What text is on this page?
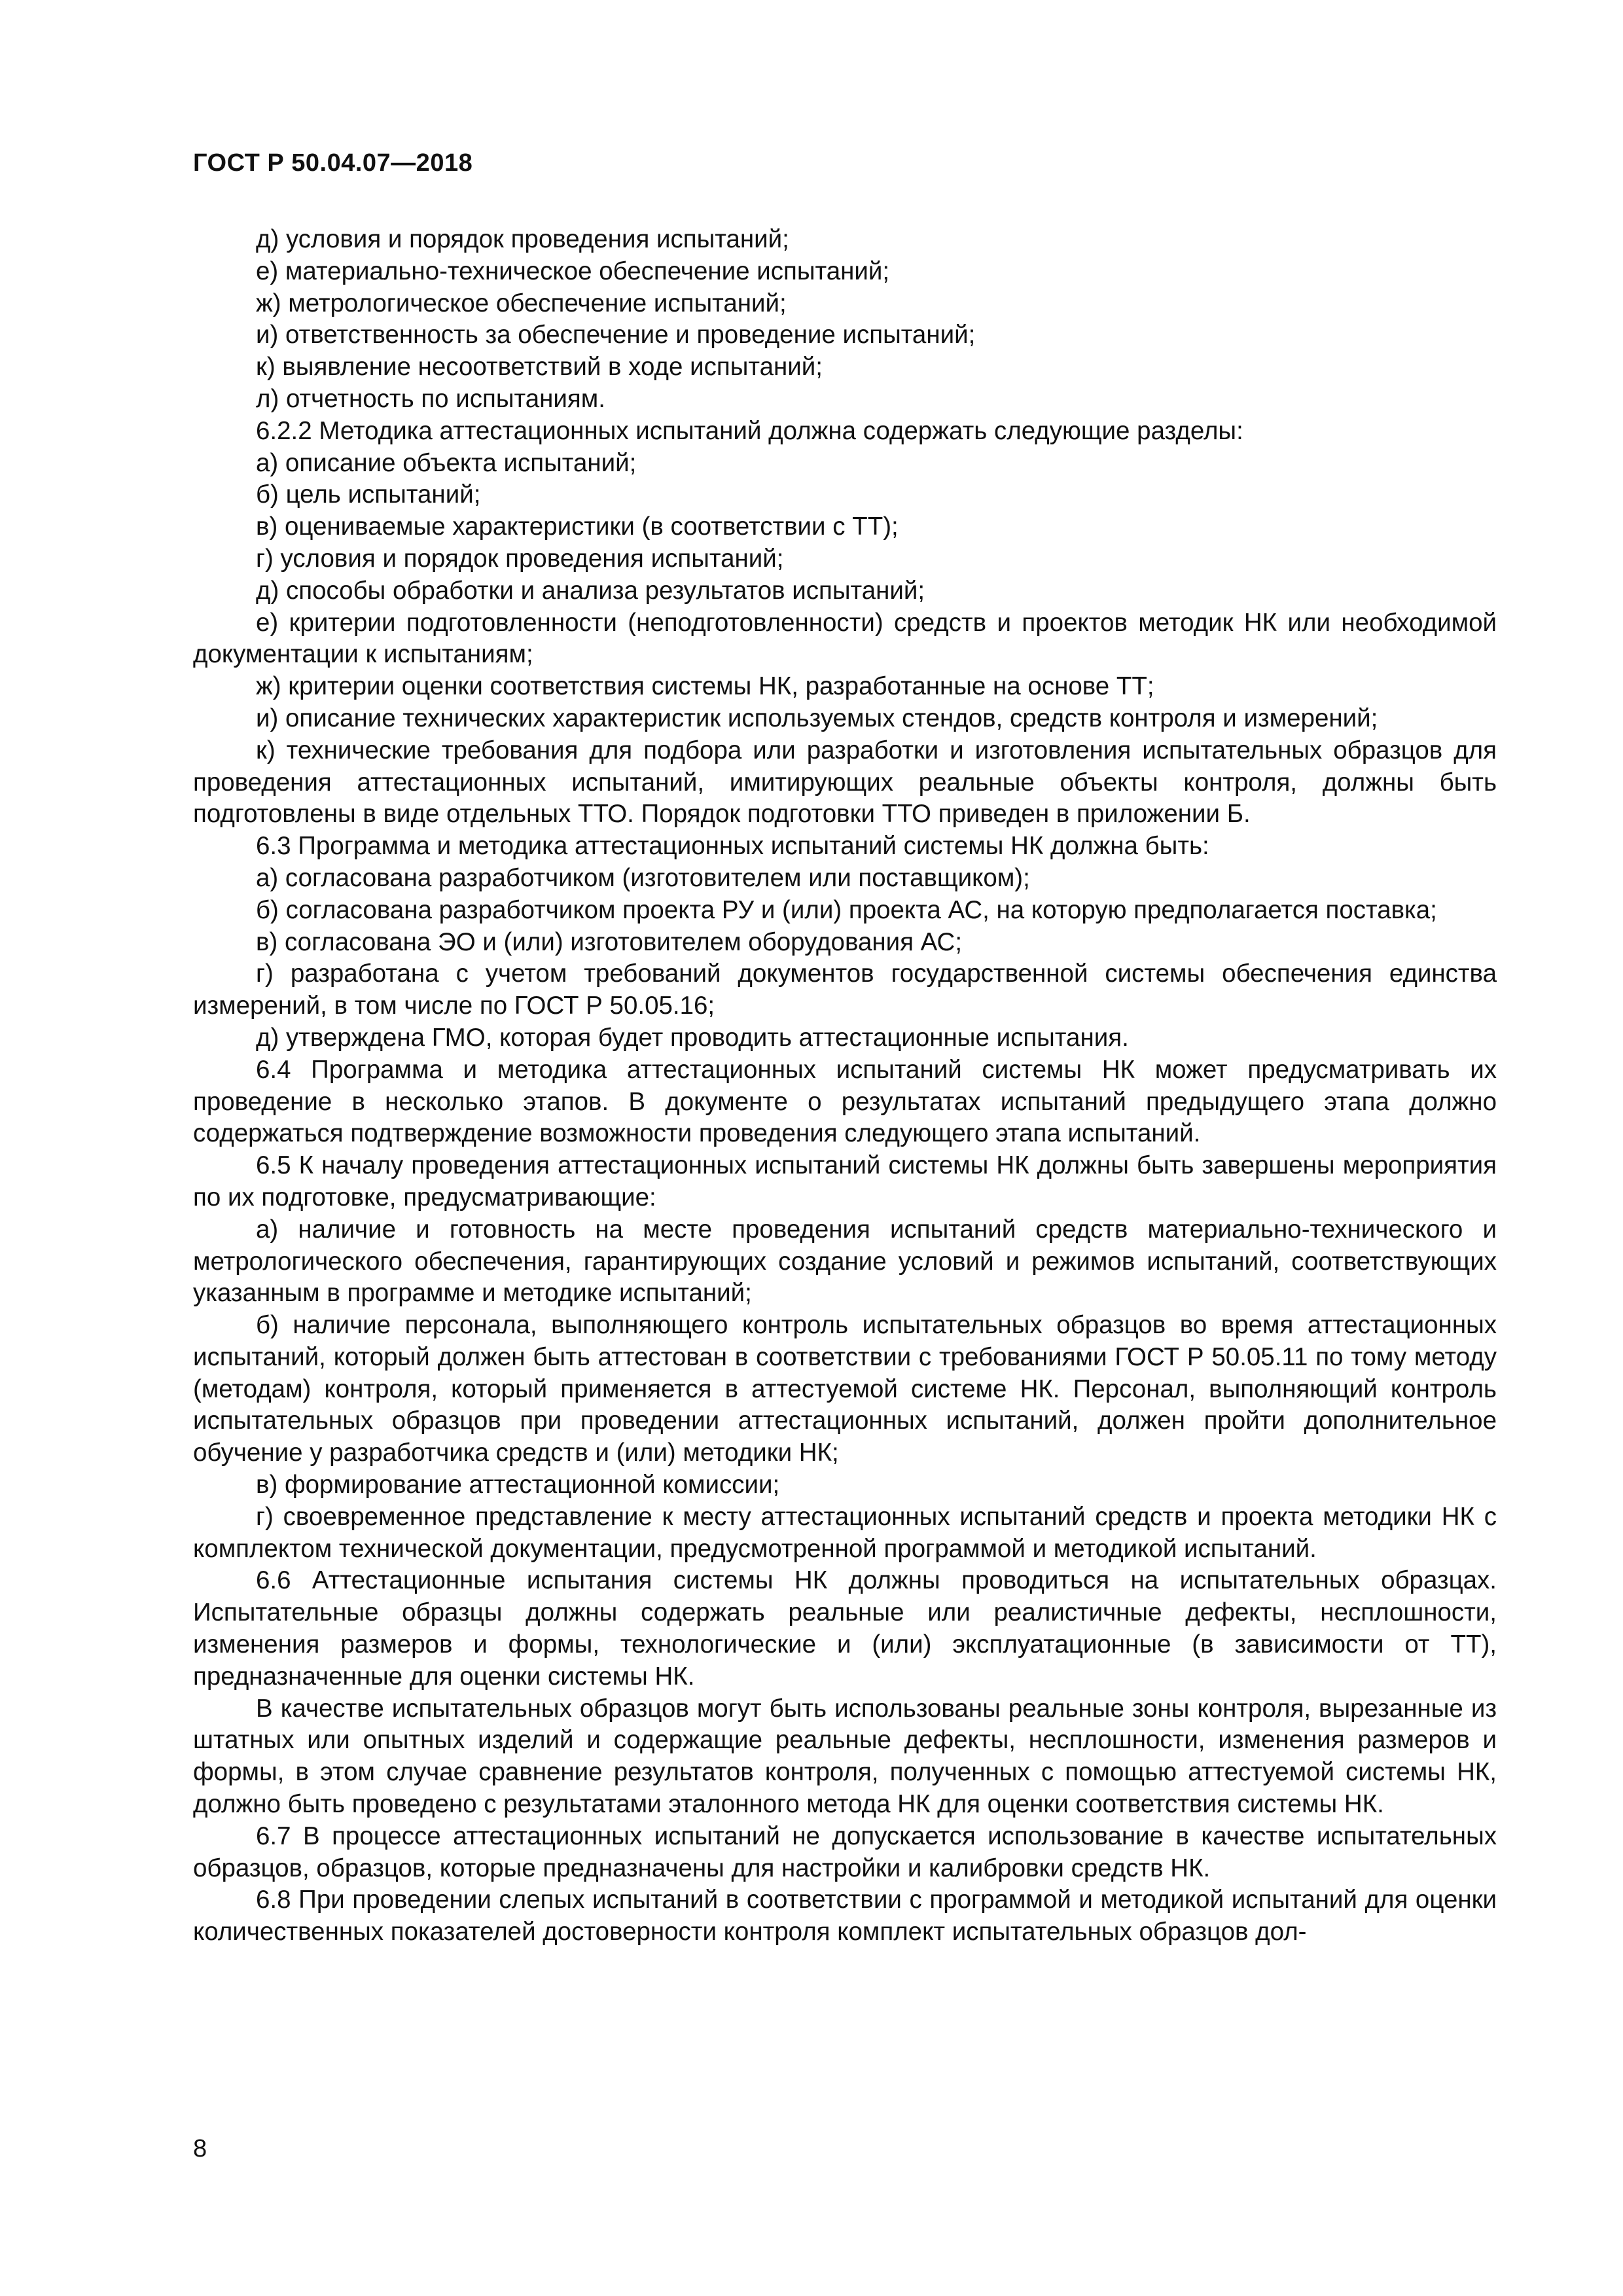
ГОСТ Р 50.04.07—2018

д) условия и порядок проведения испытаний;

е) материально-техническое обеспечение испытаний;

ж) метрологическое обеспечение испытаний;

и) ответственность за обеспечение и проведение испытаний;

к) выявление несоответствий в ходе испытаний;

л) отчетность по испытаниям.

6.2.2 Методика аттестационных испытаний должна содержать следующие разделы:

а) описание объекта испытаний;

б) цель испытаний;

в) оцениваемые характеристики (в соответствии с ТТ);

г) условия и порядок проведения испытаний;

д) способы обработки и анализа результатов испытаний;

е) критерии подготовленности (неподготовленности) средств и проектов методик НК или необходимой документации к испытаниям;

ж) критерии оценки соответствия системы НК, разработанные на основе ТТ;

и) описание технических характеристик используемых стендов, средств контроля и измерений;

к) технические требования для подбора или разработки и изготовления испытательных образцов для проведения аттестационных испытаний, имитирующих реальные объекты контроля, должны быть подготовлены в виде отдельных ТТО. Порядок подготовки ТТО приведен в приложении Б.

6.3 Программа и методика аттестационных испытаний системы НК должна быть:

а) согласована разработчиком (изготовителем или поставщиком);

б) согласована разработчиком проекта РУ и (или) проекта АС, на которую предполагается поставка;

в) согласована ЭО и (или) изготовителем оборудования АС;

г) разработана с учетом требований документов государственной системы обеспечения единства измерений, в том числе по ГОСТ Р 50.05.16;

д) утверждена ГМО, которая будет проводить аттестационные испытания.

6.4 Программа и методика аттестационных испытаний системы НК может предусматривать их проведение в несколько этапов. В документе о результатах испытаний предыдущего этапа должно содержаться подтверждение возможности проведения следующего этапа испытаний.

6.5 К началу проведения аттестационных испытаний системы НК должны быть завершены мероприятия по их подготовке, предусматривающие:

а) наличие и готовность на месте проведения испытаний средств материально-технического и метрологического обеспечения, гарантирующих создание условий и режимов испытаний, соответствующих указанным в программе и методике испытаний;

б) наличие персонала, выполняющего контроль испытательных образцов во время аттестационных испытаний, который должен быть аттестован в соответствии с требованиями ГОСТ Р 50.05.11 по тому методу (методам) контроля, который применяется в аттестуемой системе НК. Персонал, выполняющий контроль испытательных образцов при проведении аттестационных испытаний, должен пройти дополнительное обучение у разработчика средств и (или) методики НК;

в) формирование аттестационной комиссии;

г) своевременное представление к месту аттестационных испытаний средств и проекта методики НК с комплектом технической документации, предусмотренной программой и методикой испытаний.

6.6 Аттестационные испытания системы НК должны проводиться на испытательных образцах. Испытательные образцы должны содержать реальные или реалистичные дефекты, несплошности, изменения размеров и формы, технологические и (или) эксплуатационные (в зависимости от ТТ), предназначенные для оценки системы НК.

В качестве испытательных образцов могут быть использованы реальные зоны контроля, вырезанные из штатных или опытных изделий и содержащие реальные дефекты, несплошности, изменения размеров и формы, в этом случае сравнение результатов контроля, полученных с помощью аттестуемой системы НК, должно быть проведено с результатами эталонного метода НК для оценки соответствия системы НК.

6.7 В процессе аттестационных испытаний не допускается использование в качестве испытательных образцов, образцов, которые предназначены для настройки и калибровки средств НК.

6.8 При проведении слепых испытаний в соответствии с программой и методикой испытаний для оценки количественных показателей достоверности контроля комплект испытательных образцов дол-

8
